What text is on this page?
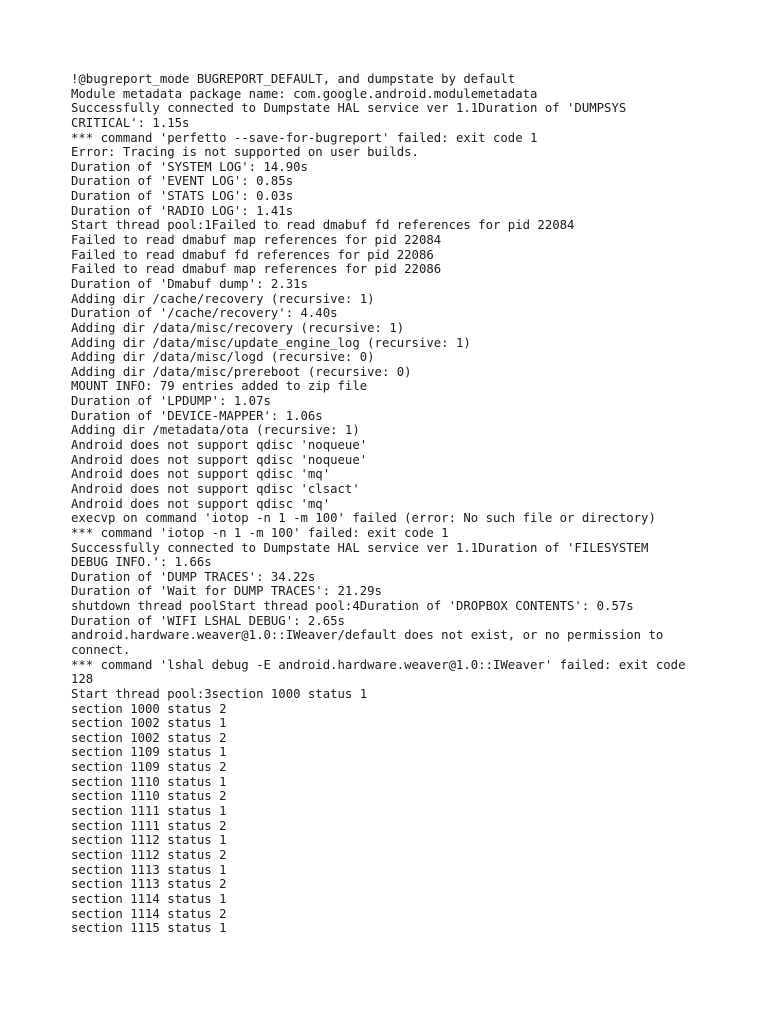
!@bugreport_mode BUGREPORT_DEFAULT, and dumpstate by default
Module metadata package name: com.google.android.modulemetadata
Successfully connected to Dumpstate HAL service ver 1.1Duration of 'DUMPSYS
CRITICAL': 1.15s
*** command 'perfetto --save-for-bugreport' failed: exit code 1
Error: Tracing is not supported on user builds.
Duration of 'SYSTEM LOG': 14.90s
Duration of 'EVENT LOG': 0.85s
Duration of 'STATS LOG': 0.03s
Duration of 'RADIO LOG': 1.41s
Start thread pool:1Failed to read dmabuf fd references for pid 22084
Failed to read dmabuf map references for pid 22084
Failed to read dmabuf fd references for pid 22086
Failed to read dmabuf map references for pid 22086
Duration of 'Dmabuf dump': 2.31s
Adding dir /cache/recovery (recursive: 1)
Duration of '/cache/recovery': 4.40s
Adding dir /data/misc/recovery (recursive: 1)
Adding dir /data/misc/update_engine_log (recursive: 1)
Adding dir /data/misc/logd (recursive: 0)
Adding dir /data/misc/prereboot (recursive: 0)
MOUNT INFO: 79 entries added to zip file
Duration of 'LPDUMP': 1.07s
Duration of 'DEVICE-MAPPER': 1.06s
Adding dir /metadata/ota (recursive: 1)
Android does not support qdisc 'noqueue'
Android does not support qdisc 'noqueue'
Android does not support qdisc 'mq'
Android does not support qdisc 'clsact'
Android does not support qdisc 'mq'
execvp on command 'iotop -n 1 -m 100' failed (error: No such file or directory)
*** command 'iotop -n 1 -m 100' failed: exit code 1
Successfully connected to Dumpstate HAL service ver 1.1Duration of 'FILESYSTEM
DEBUG INFO.': 1.66s
Duration of 'DUMP TRACES': 34.22s
Duration of 'Wait for DUMP TRACES': 21.29s
shutdown thread poolStart thread pool:4Duration of 'DROPBOX CONTENTS': 0.57s
Duration of 'WIFI LSHAL DEBUG': 2.65s
android.hardware.weaver@1.0::IWeaver/default does not exist, or no permission to
connect.
*** command 'lshal debug -E android.hardware.weaver@1.0::IWeaver' failed: exit code
128
Start thread pool:3section 1000 status 1
section 1000 status 2
section 1002 status 1
section 1002 status 2
section 1109 status 1
section 1109 status 2
section 1110 status 1
section 1110 status 2
section 1111 status 1
section 1111 status 2
section 1112 status 1
section 1112 status 2
section 1113 status 1
section 1113 status 2
section 1114 status 1
section 1114 status 2
section 1115 status 1
